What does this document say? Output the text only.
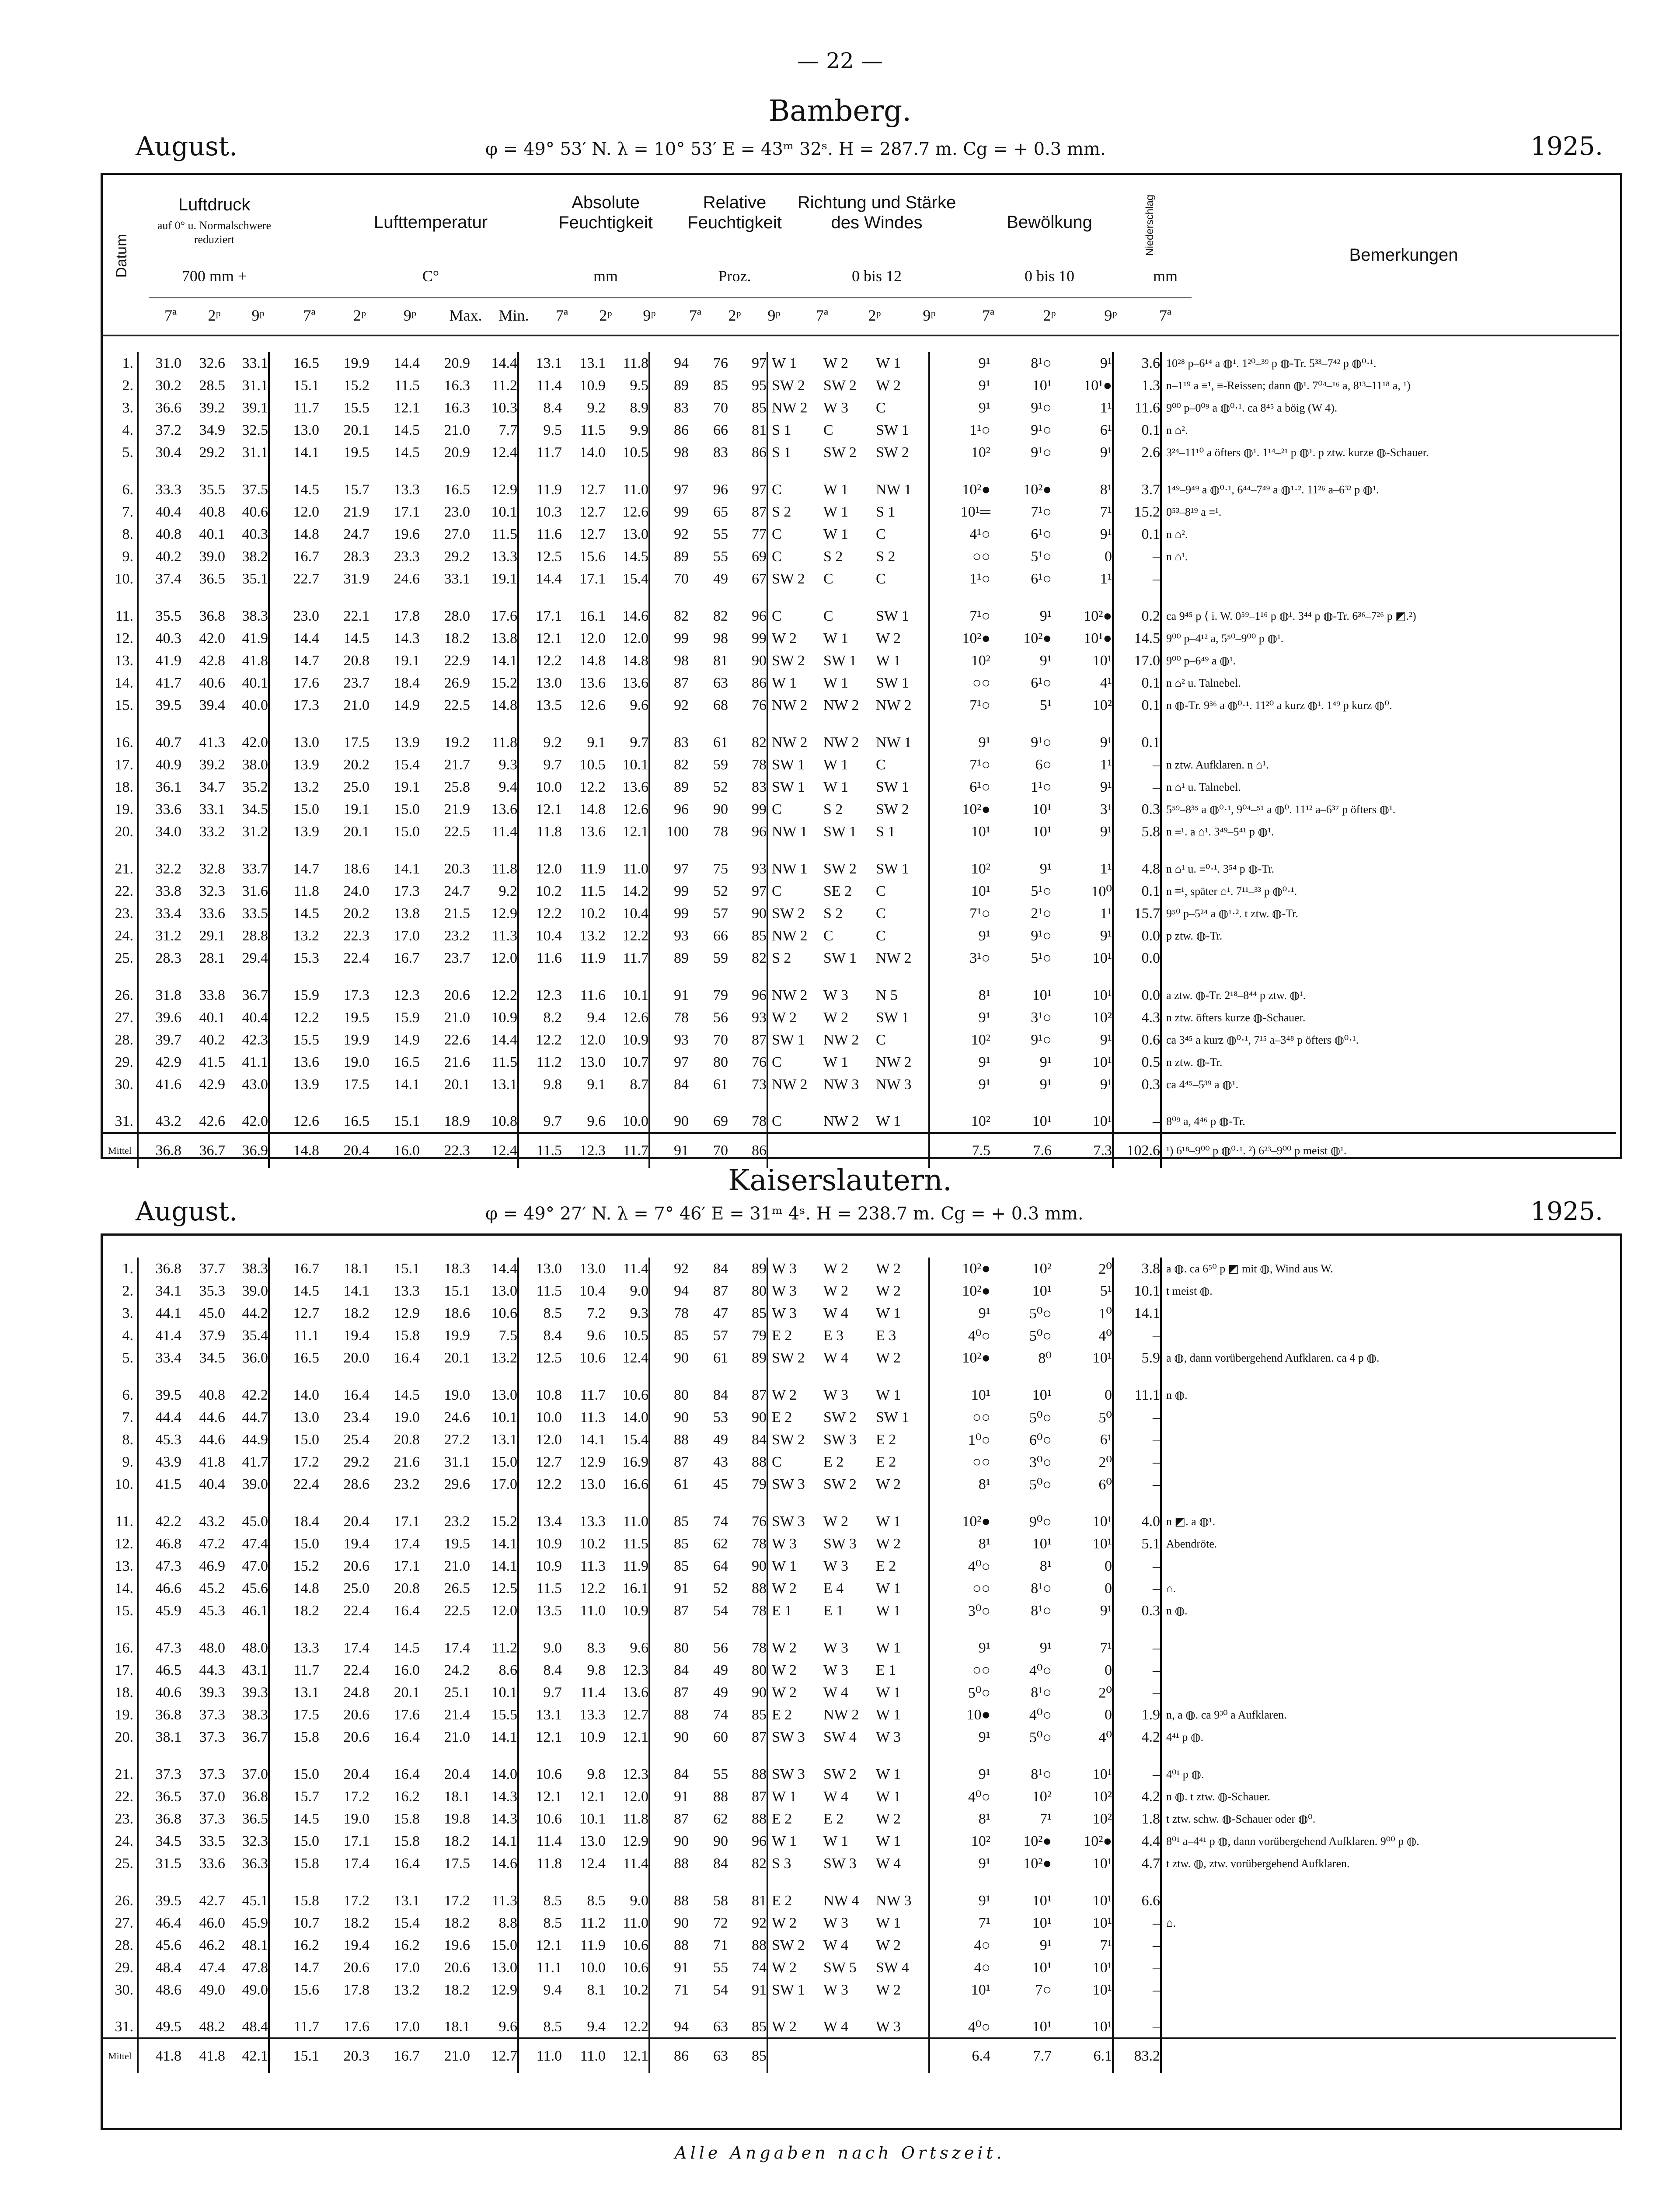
— 22 —
Bamberg.
August.	φ = 49° 53′ N. λ = 10° 53′ E = 43ᵐ 32ˢ. H = 287.7 m. Cg = + 0.3 mm.	1925.
Datum
Luftdruck
auf 0° u. Normalschwere reduziert
700 mm +
Lufttemperatur
C°
Absolute Feuchtigkeit
mm
Relative Feuchtigkeit
Proz.
Richtung und Stärke des Windes
0 bis 12
Bewölkung
0 bis 10
Niederschlag
mm
Bemerkungen
7ª	2ᵖ	9ᵖ	7ª	2ᵖ	9ᵖ	Max.	Min.	7ª	2ᵖ	9ᵖ	7ª	2ᵖ	9ᵖ	7ª	2ᵖ	9ᵖ	7ª	2ᵖ	9ᵖ	7ª
1.	31.0	32.6	33.1	16.5	19.9	14.4	20.9	14.4	13.1	13.1	11.8	94	76	97	W 1	W 2	W 1	9¹	8¹○	9¹	3.6	10²⁸ p–6¹⁴ a ◍¹. 1²⁰–³⁹ p ◍-Tr. 5³³–7⁴² p ◍⁰·¹.
2.	30.2	28.5	31.1	15.1	15.2	11.5	16.3	11.2	11.4	10.9	9.5	89	85	95	SW 2	SW 2	W 2	9¹	10¹	10¹●	1.3	n–1¹⁹ a ≡¹, ≡-Reissen; dann ◍¹. 7⁰⁴–¹⁶ a, 8¹³–11¹⁸ a, ¹)
3.	36.6	39.2	39.1	11.7	15.5	12.1	16.3	10.3	8.4	9.2	8.9	83	70	85	NW 2	W 3	C	9¹	9¹○	1¹	11.6	9⁰⁰ p–0⁰⁹ a ◍⁰·¹. ca 8⁴⁵ a böig (W 4).
4.	37.2	34.9	32.5	13.0	20.1	14.5	21.0	7.7	9.5	11.5	9.9	86	66	81	S 1	C	SW 1	1¹○	9¹○	6¹	0.1	n ⌂².
5.	30.4	29.2	31.1	14.1	19.5	14.5	20.9	12.4	11.7	14.0	10.5	98	83	86	S 1	SW 2	SW 2	10²	9¹○	9¹	2.6	3²⁴–11¹⁰ a öfters ◍¹. 1¹⁴–²¹ p ◍¹. p ztw. kurze ◍-Schauer.

6.	33.3	35.5	37.5	14.5	15.7	13.3	16.5	12.9	11.9	12.7	11.0	97	96	97	C	W 1	NW 1	10²●	10²●	8¹	3.7	1⁴⁹–9⁴⁹ a ◍⁰·¹, 6⁴⁴–7⁴⁹ a ◍¹·². 11²⁶ a–6³² p ◍¹.
7.	40.4	40.8	40.6	12.0	21.9	17.1	23.0	10.1	10.3	12.7	12.6	99	65	87	S 2	W 1	S 1	10¹═	7¹○	7¹	15.2	0⁵³–8¹⁹ a ≡¹.
8.	40.8	40.1	40.3	14.8	24.7	19.6	27.0	11.5	11.6	12.7	13.0	92	55	77	C	W 1	C	4¹○	6¹○	9¹	0.1	n ⌂².
9.	40.2	39.0	38.2	16.7	28.3	23.3	29.2	13.3	12.5	15.6	14.5	89	55	69	C	S 2	S 2	○○	5¹○	0	–	n ⌂¹.
10.	37.4	36.5	35.1	22.7	31.9	24.6	33.1	19.1	14.4	17.1	15.4	70	49	67	SW 2	C	C	1¹○	6¹○	1¹	–	

11.	35.5	36.8	38.3	23.0	22.1	17.8	28.0	17.6	17.1	16.1	14.6	82	82	96	C	C	SW 1	7¹○	9¹	10²●	0.2	ca 9⁴⁵ p ⟨ i. W. 0⁵⁹–1¹⁶ p ◍¹. 3⁴⁴ p ◍-Tr. 6³⁶–7²⁶ p ◩.²)
12.	40.3	42.0	41.9	14.4	14.5	14.3	18.2	13.8	12.1	12.0	12.0	99	98	99	W 2	W 1	W 2	10²●	10²●	10¹●	14.5	9⁰⁰ p–4¹² a, 5⁵⁰–9⁰⁰ p ◍¹.
13.	41.9	42.8	41.8	14.7	20.8	19.1	22.9	14.1	12.2	14.8	14.8	98	81	90	SW 2	SW 1	W 1	10²	9¹	10¹	17.0	9⁰⁰ p–6⁴⁹ a ◍¹.
14.	41.7	40.6	40.1	17.6	23.7	18.4	26.9	15.2	13.0	13.6	13.6	87	63	86	W 1	W 1	SW 1	○○	6¹○	4¹	0.1	n ⌂² u. Talnebel.
15.	39.5	39.4	40.0	17.3	21.0	14.9	22.5	14.8	13.5	12.6	9.6	92	68	76	NW 2	NW 2	NW 2	7¹○	5¹	10²	0.1	n ◍-Tr. 9³⁶ a ◍⁰·¹. 11²⁰ a kurz ◍¹. 1⁴⁹ p kurz ◍⁰.

16.	40.7	41.3	42.0	13.0	17.5	13.9	19.2	11.8	9.2	9.1	9.7	83	61	82	NW 2	NW 2	NW 1	9¹	9¹○	9¹	0.1	
17.	40.9	39.2	38.0	13.9	20.2	15.4	21.7	9.3	9.7	10.5	10.1	82	59	78	SW 1	W 1	C	7¹○	6○	1¹	–	n ztw. Aufklaren. n ⌂¹.
18.	36.1	34.7	35.2	13.2	25.0	19.1	25.8	9.4	10.0	12.2	13.6	89	52	83	SW 1	W 1	SW 1	6¹○	1¹○	9¹	–	n ⌂¹ u. Talnebel.
19.	33.6	33.1	34.5	15.0	19.1	15.0	21.9	13.6	12.1	14.8	12.6	96	90	99	C	S 2	SW 2	10²●	10¹	3¹	0.3	5⁵⁹–8³⁵ a ◍⁰·¹, 9⁰⁴–⁵¹ a ◍⁰. 11¹² a–6³⁷ p öfters ◍¹.
20.	34.0	33.2	31.2	13.9	20.1	15.0	22.5	11.4	11.8	13.6	12.1	100	78	96	NW 1	SW 1	S 1	10¹	10¹	9¹	5.8	n ≡¹. a ⌂¹. 3⁴⁹–5⁴¹ p ◍¹.

21.	32.2	32.8	33.7	14.7	18.6	14.1	20.3	11.8	12.0	11.9	11.0	97	75	93	NW 1	SW 2	SW 1	10²	9¹	1¹	4.8	n ⌂¹ u. ≡⁰·¹. 3⁵⁴ p ◍-Tr.
22.	33.8	32.3	31.6	11.8	24.0	17.3	24.7	9.2	10.2	11.5	14.2	99	52	97	C	SE 2	C	10¹	5¹○	10⁰	0.1	n ≡¹, später ⌂¹. 7¹¹–³³ p ◍⁰·¹.
23.	33.4	33.6	33.5	14.5	20.2	13.8	21.5	12.9	12.2	10.2	10.4	99	57	90	SW 2	S 2	C	7¹○	2¹○	1¹	15.7	9⁵⁰ p–5²⁴ a ◍¹·². t ztw. ◍-Tr.
24.	31.2	29.1	28.8	13.2	22.3	17.0	23.2	11.3	10.4	13.2	12.2	93	66	85	NW 2	C	C	9¹	9¹○	9¹	0.0	p ztw. ◍-Tr.
25.	28.3	28.1	29.4	15.3	22.4	16.7	23.7	12.0	11.6	11.9	11.7	89	59	82	S 2	SW 1	NW 2	3¹○	5¹○	10¹	0.0	

26.	31.8	33.8	36.7	15.9	17.3	12.3	20.6	12.2	12.3	11.6	10.1	91	79	96	NW 2	W 3	N 5	8¹	10¹	10¹	0.0	a ztw. ◍-Tr. 2¹⁸–8⁴⁴ p ztw. ◍¹.
27.	39.6	40.1	40.4	12.2	19.5	15.9	21.0	10.9	8.2	9.4	12.6	78	56	93	W 2	W 2	SW 1	9¹	3¹○	10²	4.3	n ztw. öfters kurze ◍-Schauer.
28.	39.7	40.2	42.3	15.5	19.9	14.9	22.6	14.4	12.2	12.0	10.9	93	70	87	SW 1	NW 2	C	10²	9¹○	9¹	0.6	ca 3⁴⁵ a kurz ◍⁰·¹, 7¹⁵ a–3⁴⁸ p öfters ◍⁰·¹.
29.	42.9	41.5	41.1	13.6	19.0	16.5	21.6	11.5	11.2	13.0	10.7	97	80	76	C	W 1	NW 2	9¹	9¹	10¹	0.5	n ztw. ◍-Tr.
30.	41.6	42.9	43.0	13.9	17.5	14.1	20.1	13.1	9.8	9.1	8.7	84	61	73	NW 2	NW 3	NW 3	9¹	9¹	9¹	0.3	ca 4⁴⁵–5³⁹ a ◍¹.

31.	43.2	42.6	42.0	12.6	16.5	15.1	18.9	10.8	9.7	9.6	10.0	90	69	78	C	NW 2	W 1	10²	10¹	10¹	–	8⁰⁹ a, 4⁴⁶ p ◍-Tr.
Mittel	36.8	36.7	36.9	14.8	20.4	16.0	22.3	12.4	11.5	12.3	11.7	91	70	86				7.5	7.6	7.3	102.6	¹) 6¹⁸–9⁰⁰ p ◍⁰·¹. ²) 6²³–9⁰⁰ p meist ◍¹.
Kaiserslautern.
August.	φ = 49° 27′ N. λ = 7° 46′ E = 31ᵐ 4ˢ. H = 238.7 m. Cg = + 0.3 mm.	1925.
1.	36.8	37.7	38.3	16.7	18.1	15.1	18.3	14.4	13.0	13.0	11.4	92	84	89	W 3	W 2	W 2	10²●	10²	2⁰	3.8	a ◍. ca 6⁵⁰ p ◩ mit ◍, Wind aus W.
2.	34.1	35.3	39.0	14.5	14.1	13.3	15.1	13.0	11.5	10.4	9.0	94	87	80	W 3	W 2	W 2	10²●	10¹	5¹	10.1	t meist ◍.
3.	44.1	45.0	44.2	12.7	18.2	12.9	18.6	10.6	8.5	7.2	9.3	78	47	85	W 3	W 4	W 1	9¹	5⁰○	1⁰	14.1	
4.	41.4	37.9	35.4	11.1	19.4	15.8	19.9	7.5	8.4	9.6	10.5	85	57	79	E 2	E 3	E 3	4⁰○	5⁰○	4⁰	–	
5.	33.4	34.5	36.0	16.5	20.0	16.4	20.1	13.2	12.5	10.6	12.4	90	61	89	SW 2	W 4	W 2	10²●	8⁰	10¹	5.9	a ◍, dann vorübergehend Aufklaren. ca 4 p ◍.

6.	39.5	40.8	42.2	14.0	16.4	14.5	19.0	13.0	10.8	11.7	10.6	80	84	87	W 2	W 3	W 1	10¹	10¹	0	11.1	n ◍.
7.	44.4	44.6	44.7	13.0	23.4	19.0	24.6	10.1	10.0	11.3	14.0	90	53	90	E 2	SW 2	SW 1	○○	5⁰○	5⁰	–	
8.	45.3	44.6	44.9	15.0	25.4	20.8	27.2	13.1	12.0	14.1	15.4	88	49	84	SW 2	SW 3	E 2	1⁰○	6⁰○	6¹	–	
9.	43.9	41.8	41.7	17.2	29.2	21.6	31.1	15.0	12.7	12.9	16.9	87	43	88	C	E 2	E 2	○○	3⁰○	2⁰	–	
10.	41.5	40.4	39.0	22.4	28.6	23.2	29.6	17.0	12.2	13.0	16.6	61	45	79	SW 3	SW 2	W 2	8¹	5⁰○	6⁰	–	

11.	42.2	43.2	45.0	18.4	20.4	17.1	23.2	15.2	13.4	13.3	11.0	85	74	76	SW 3	W 2	W 1	10²●	9⁰○	10¹	4.0	n ◩. a ◍¹.
12.	46.8	47.2	47.4	15.0	19.4	17.4	19.5	14.1	10.9	10.2	11.5	85	62	78	W 3	SW 3	W 2	8¹	10¹	10¹	5.1	Abendröte.
13.	47.3	46.9	47.0	15.2	20.6	17.1	21.0	14.1	10.9	11.3	11.9	85	64	90	W 1	W 3	E 2	4⁰○	8¹	0	–	
14.	46.6	45.2	45.6	14.8	25.0	20.8	26.5	12.5	11.5	12.2	16.1	91	52	88	W 2	E 4	W 1	○○	8¹○	0	–	⌂.
15.	45.9	45.3	46.1	18.2	22.4	16.4	22.5	12.0	13.5	11.0	10.9	87	54	78	E 1	E 1	W 1	3⁰○	8¹○	9¹	0.3	n ◍.

16.	47.3	48.0	48.0	13.3	17.4	14.5	17.4	11.2	9.0	8.3	9.6	80	56	78	W 2	W 3	W 1	9¹	9¹	7¹	–	
17.	46.5	44.3	43.1	11.7	22.4	16.0	24.2	8.6	8.4	9.8	12.3	84	49	80	W 2	W 3	E 1	○○	4⁰○	0	–	
18.	40.6	39.3	39.3	13.1	24.8	20.1	25.1	10.1	9.7	11.4	13.6	87	49	90	W 2	W 4	W 1	5⁰○	8¹○	2⁰	–	
19.	36.8	37.3	38.3	17.5	20.6	17.6	21.4	15.5	13.1	13.3	12.7	88	74	85	E 2	NW 2	W 1	10●	4⁰○	0	1.9	n, a ◍. ca 9³⁰ a Aufklaren.
20.	38.1	37.3	36.7	15.8	20.6	16.4	21.0	14.1	12.1	10.9	12.1	90	60	87	SW 3	SW 4	W 3	9¹	5⁰○	4⁰	4.2	4⁴¹ p ◍.

21.	37.3	37.3	37.0	15.0	20.4	16.4	20.4	14.0	10.6	9.8	12.3	84	55	88	SW 3	SW 2	W 1	9¹	8¹○	10¹	–	4⁰¹ p ◍.
22.	36.5	37.0	36.8	15.7	17.2	16.2	18.1	14.3	12.1	12.1	12.0	91	88	87	W 1	W 4	W 1	4⁰○	10²	10²	4.2	n ◍. t ztw. ◍-Schauer.
23.	36.8	37.3	36.5	14.5	19.0	15.8	19.8	14.3	10.6	10.1	11.8	87	62	88	E 2	E 2	W 2	8¹	7¹	10²	1.8	t ztw. schw. ◍-Schauer oder ◍⁰.
24.	34.5	33.5	32.3	15.0	17.1	15.8	18.2	14.1	11.4	13.0	12.9	90	90	96	W 1	W 1	W 1	10²	10²●	10²●	4.4	8⁰¹ a–4⁴¹ p ◍, dann vorübergehend Aufklaren. 9⁰⁰ p ◍.
25.	31.5	33.6	36.3	15.8	17.4	16.4	17.5	14.6	11.8	12.4	11.4	88	84	82	S 3	SW 3	W 4	9¹	10²●	10¹	4.7	t ztw. ◍, ztw. vorübergehend Aufklaren.

26.	39.5	42.7	45.1	15.8	17.2	13.1	17.2	11.3	8.5	8.5	9.0	88	58	81	E 2	NW 4	NW 3	9¹	10¹	10¹	6.6	
27.	46.4	46.0	45.9	10.7	18.2	15.4	18.2	8.8	8.5	11.2	11.0	90	72	92	W 2	W 3	W 1	7¹	10¹	10¹	–	⌂.
28.	45.6	46.2	48.1	16.2	19.4	16.2	19.6	15.0	12.1	11.9	10.6	88	71	88	SW 2	W 4	W 2	4○	9¹	7¹	–	
29.	48.4	47.4	47.8	14.7	20.6	17.0	20.6	13.0	11.1	10.0	10.6	91	55	74	W 2	SW 5	SW 4	4○	10¹	10¹	–	
30.	48.6	49.0	49.0	15.6	17.8	13.2	18.2	12.9	9.4	8.1	10.2	71	54	91	SW 1	W 3	W 2	10¹	7○	10¹	–	

31.	49.5	48.2	48.4	11.7	17.6	17.0	18.1	9.6	8.5	9.4	12.2	94	63	85	W 2	W 4	W 3	4⁰○	10¹	10¹	–	
Mittel	41.8	41.8	42.1	15.1	20.3	16.7	21.0	12.7	11.0	11.0	12.1	86	63	85				6.4	7.7	6.1	83.2	
Alle Angaben nach Ortszeit.
